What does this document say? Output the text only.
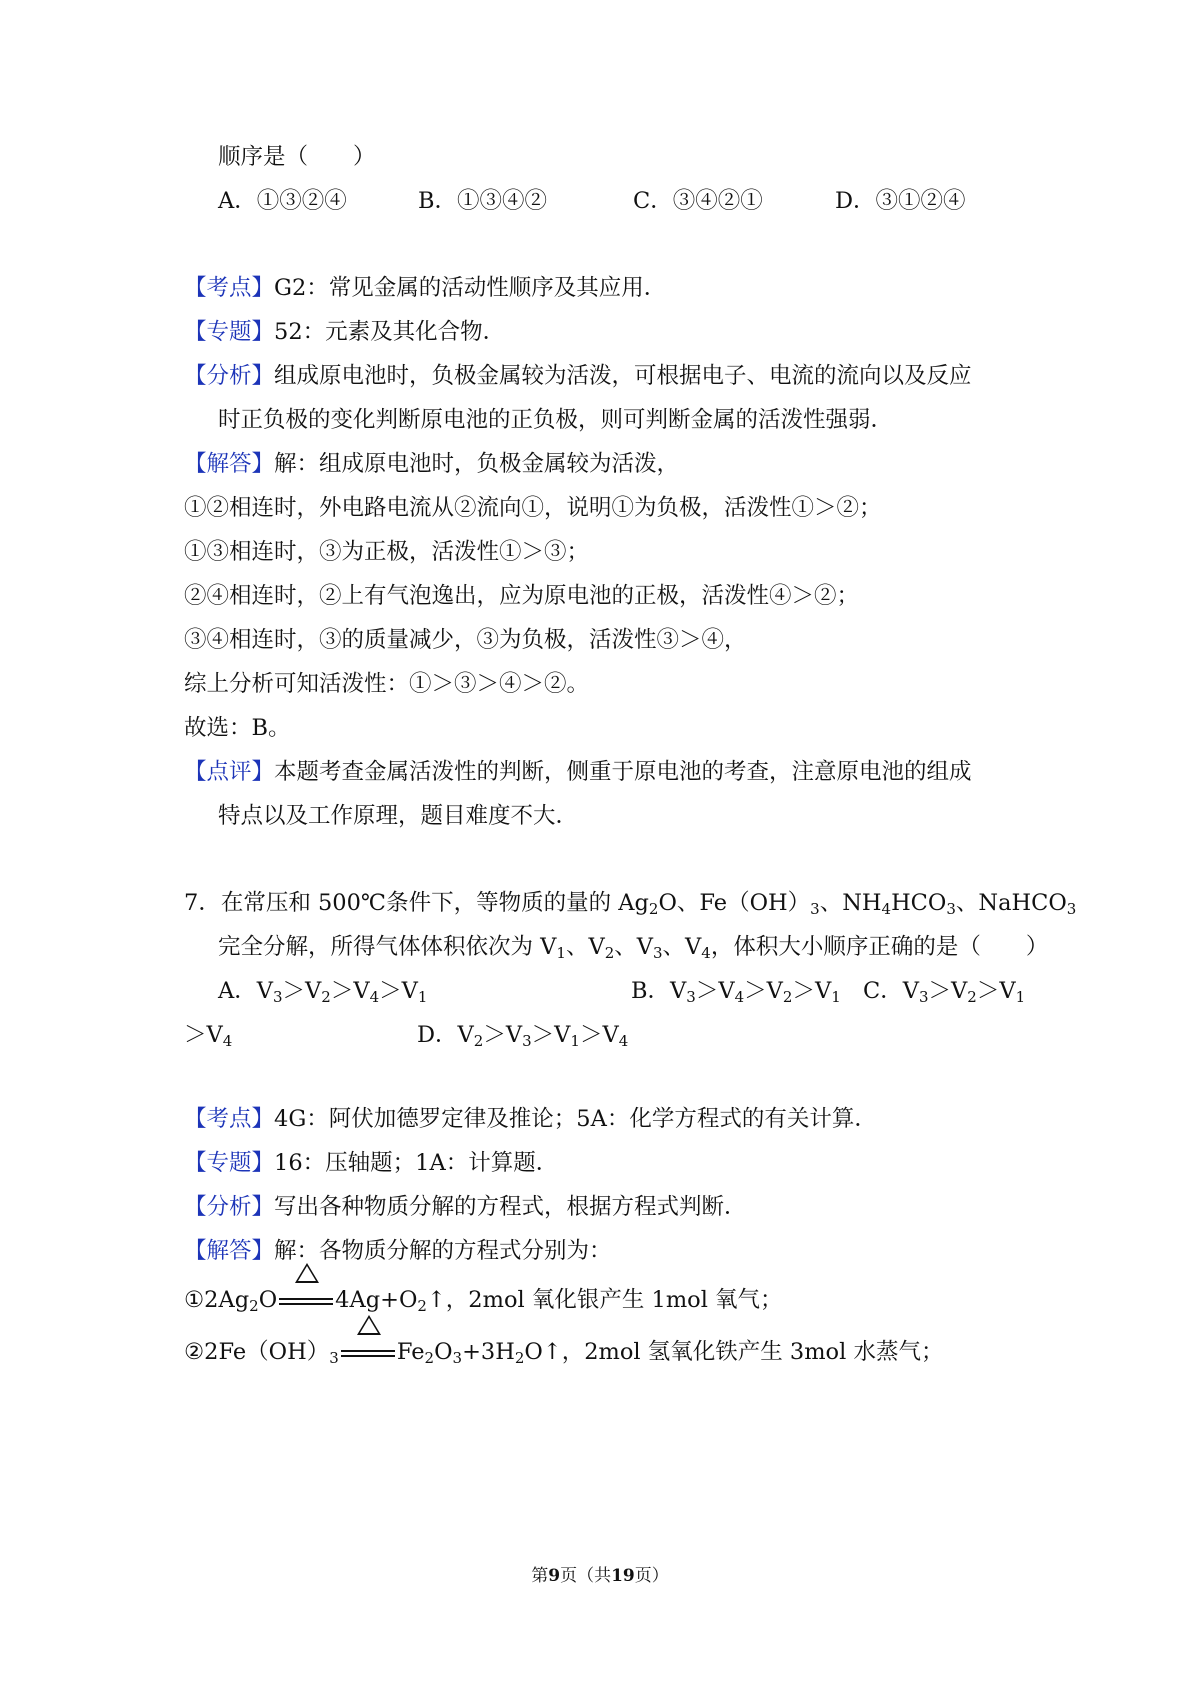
顺序是（　　）
A．①③②④	B．①③④②	C．③④②①	D．③①②④
【考点】G2：常见金属的活动性顺序及其应用．
【专题】52：元素及其化合物．
【分析】组成原电池时，负极金属较为活泼，可根据电子、电流的流向以及反应
时正负极的变化判断原电池的正负极，则可判断金属的活泼性强弱．
【解答】解：组成原电池时，负极金属较为活泼，
①②相连时，外电路电流从②流向①，说明①为负极，活泼性①＞②；
①③相连时，③为正极，活泼性①＞③；
②④相连时，②上有气泡逸出，应为原电池的正极，活泼性④＞②；
③④相连时，③的质量减少，③为负极，活泼性③＞④，
综上分析可知活泼性：①＞③＞④＞②。
故选：B。
【点评】本题考查金属活泼性的判断，侧重于原电池的考查，注意原电池的组成
特点以及工作原理，题目难度不大．
7．在常压和 500℃条件下，等物质的量的 $Ag_2O$、$Fe(OH)_3$、$NH_4HCO_3$、NaHCO$_3$
完全分解，所得气体体积依次为 $V_1$、$V_2$、$V_3$、$V_4$，体积大小顺序正确的是（　　）
A．$V_3>V_2>V_4>V_1$	B．$V_3>V_4>V_2>V_1$ C．$V_3>V_2>V_1$
$>V_4$	D．$V_2>V_3>V_1>V_4$
【考点】4G：阿伏加德罗定律及推论；5A：化学方程式的有关计算．
【专题】16：压轴题；1A：计算题．
【分析】写出各种物质分解的方程式，根据方程式判断．
【解答】解：各物质分解的方程式分别为：
$①2Ag_2O$	$4Ag+O_2↑$，2mol 氧化银产生 1mol 氧气；
$②2Fe(OH)_3$	$Fe_2O_3+3H_2O↑$，2mol 氢氧化铁产生 3mol 水蒸气；
第9页（共19页）
